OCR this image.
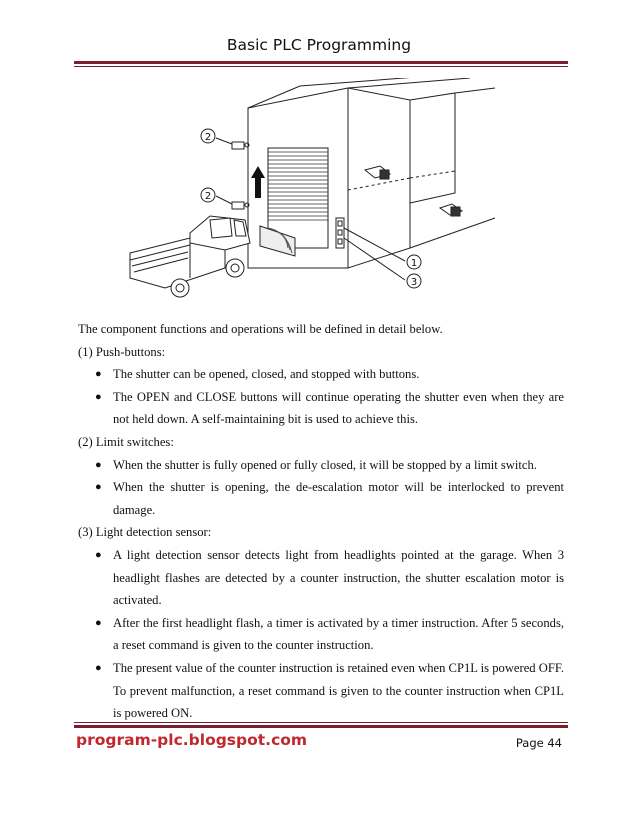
Basic PLC Programming
2
2
1
3

The component functions and operations will be defined in detail below.

(1) Push-buttons:

● The shutter can be opened, closed, and stopped with buttons.
● The OPEN and CLOSE buttons will continue operating the shutter even when they are not held down. A self-maintaining bit is used to achieve this.

(2) Limit switches:

● When the shutter is fully opened or fully closed, it will be stopped by a limit switch.
● When the shutter is opening, the de-escalation motor will be interlocked to prevent damage.

(3) Light detection sensor:

● A light detection sensor detects light from headlights pointed at the garage. When 3 headlight flashes are detected by a counter instruction, the shutter escalation motor is activated.
● After the first headlight flash, a timer is activated by a timer instruction. After 5 seconds, a reset command is given to the counter instruction.
● The present value of the counter instruction is retained even when CP1L is powered OFF. To prevent malfunction, a reset command is given to the counter instruction when CP1L is powered ON.
program-plc.blogspot.com	Page 44
